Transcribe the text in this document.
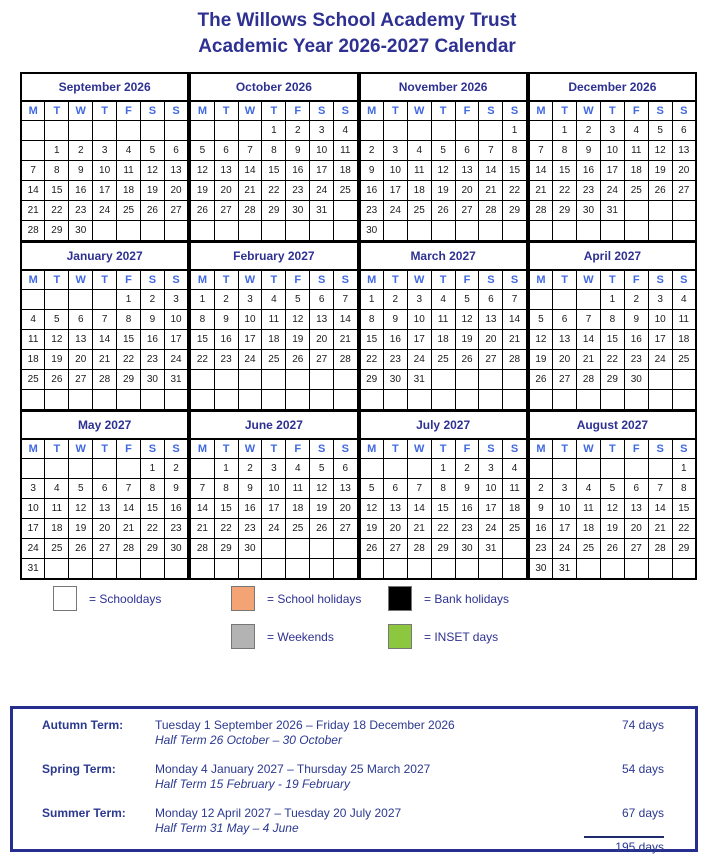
The Willows School Academy Trust
Academic Year 2026-2027 Calendar
September 2026						
M	T	W	T	F	S	S

	1	2	3	4	5	6
7	8	9	10	11	12	13
14	15	16	17	18	19	20
21	22	23	24	25	26	27
28	29	30				
October 2026						
M	T	W	T	F	S	S
			1	2	3	4
5	6	7	8	9	10	11
12	13	14	15	16	17	18
19	20	21	22	23	24	25
26	27	28	29	30	31	

November 2026						
M	T	W	T	F	S	S
						1
2	3	4	5	6	7	8
9	10	11	12	13	14	15
16	17	18	19	20	21	22
23	24	25	26	27	28	29
30						
December 2026						
M	T	W	T	F	S	S
	1	2	3	4	5	6
7	8	9	10	11	12	13
14	15	16	17	18	19	20
21	22	23	24	25	26	27
28	29	30	31			

January 2027						
M	T	W	T	F	S	S
				1	2	3
4	5	6	7	8	9	10
11	12	13	14	15	16	17
18	19	20	21	22	23	24
25	26	27	28	29	30	31

February 2027						
M	T	W	T	F	S	S
1	2	3	4	5	6	7
8	9	10	11	12	13	14
15	16	17	18	19	20	21
22	23	24	25	26	27	28

March 2027						
M	T	W	T	F	S	S
1	2	3	4	5	6	7
8	9	10	11	12	13	14
15	16	17	18	19	20	21
22	23	24	25	26	27	28
29	30	31				

April 2027						
M	T	W	T	F	S	S
			1	2	3	4
5	6	7	8	9	10	11
12	13	14	15	16	17	18
19	20	21	22	23	24	25
26	27	28	29	30		

May 2027						
M	T	W	T	F	S	S
					1	2
3	4	5	6	7	8	9
10	11	12	13	14	15	16
17	18	19	20	21	22	23
24	25	26	27	28	29	30
31						
June 2027						
M	T	W	T	F	S	S
	1	2	3	4	5	6
7	8	9	10	11	12	13
14	15	16	17	18	19	20
21	22	23	24	25	26	27
28	29	30				

July 2027						
M	T	W	T	F	S	S
			1	2	3	4
5	6	7	8	9	10	11
12	13	14	15	16	17	18
19	20	21	22	23	24	25
26	27	28	29	30	31	

August 2027						
M	T	W	T	F	S	S
						1
2	3	4	5	6	7	8
9	10	11	12	13	14	15
16	17	18	19	20	21	22
23	24	25	26	27	28	29
30	31					
= Schooldays	= School holidays	= Bank holidays
= Weekends	= INSET days
Autumn Term:	Tuesday 1 September 2026 – Friday 18 December 2026
Half Term 26 October – 30 October
74 days
Spring Term:	Monday 4 January 2027 – Thursday 25 March 2027
Half Term 15 February - 19 February
54 days
Summer Term:	Monday 12 April 2027 – Tuesday 20 July 2027
Half Term 31 May – 4 June
67 days
195 days
